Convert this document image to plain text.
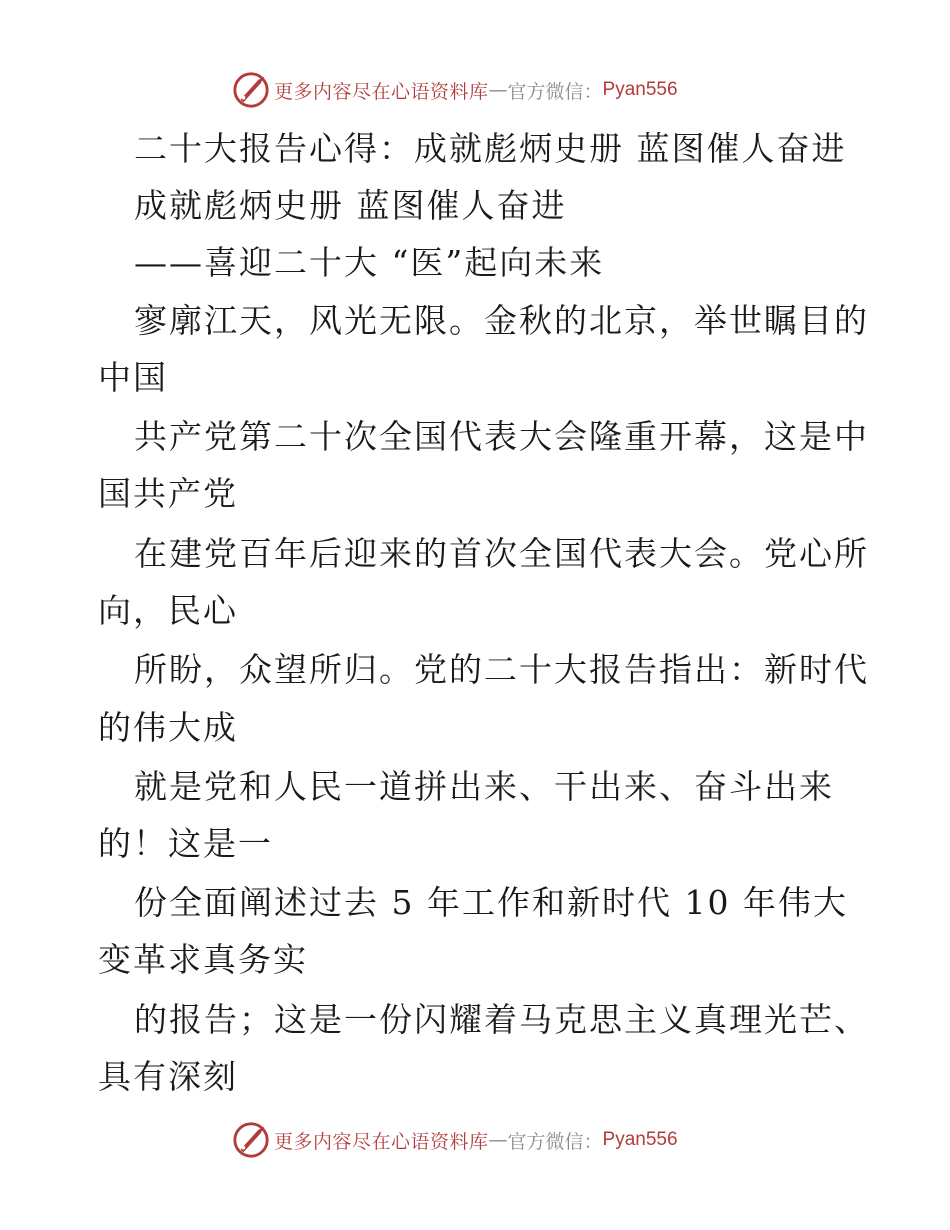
更多内容尽在心语资料库 — 官方微信： Pyan556
二十大报告心得：成就彪炳史册 蓝图催人奋进
成就彪炳史册 蓝图催人奋进
——喜迎二十大 “医”起向未来
寥廓江天，风光无限。金秋的北京，举世瞩目的
中国
共产党第二十次全国代表大会隆重开幕，这是中
国共产党
在建党百年后迎来的首次全国代表大会。党心所
向，民心
所盼，众望所归。党的二十大报告指出：新时代
的伟大成
就是党和人民一道拼出来、干出来、奋斗出来
的！这是一
份全面阐述过去 5 年工作和新时代 10 年伟大
变革求真务实
的报告；这是一份闪耀着马克思主义真理光芒、
具有深刻
更多内容尽在心语资料库 — 官方微信： Pyan556
